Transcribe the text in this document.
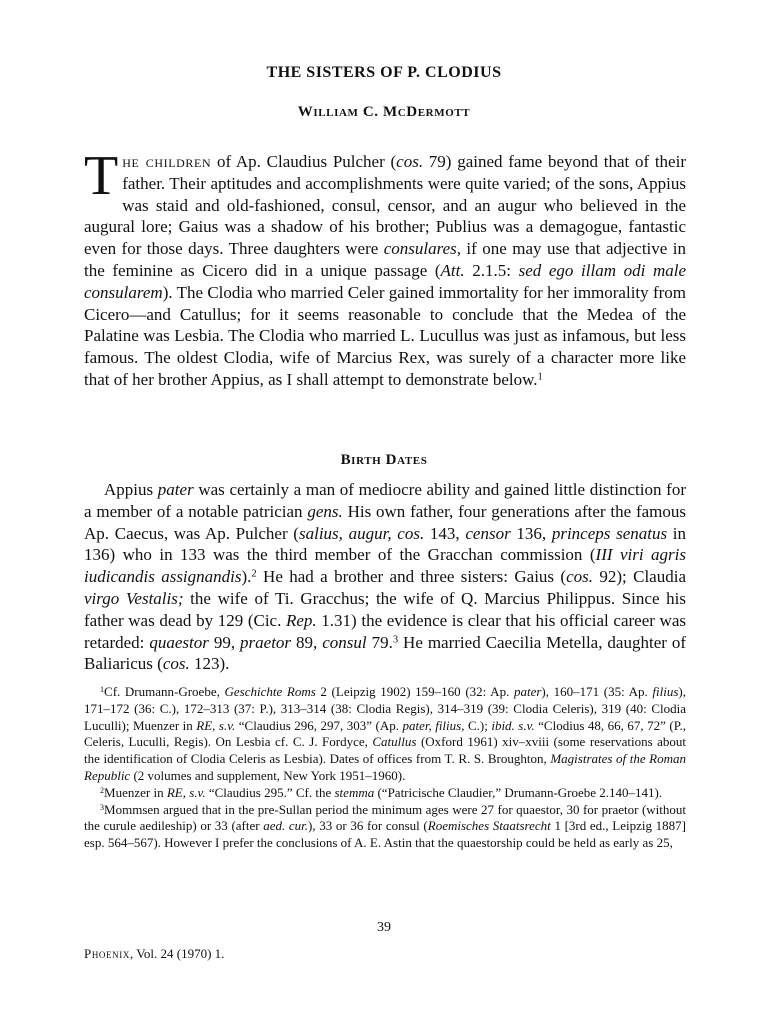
THE SISTERS OF P. CLODIUS
William C. McDermott

The children of Ap. Claudius Pulcher (cos. 79) gained fame beyond that of their father. Their aptitudes and accomplishments were quite varied; of the sons, Appius was staid and old-fashioned, consul, censor, and an augur who believed in the augural lore; Gaius was a shadow of his brother; Publius was a demagogue, fantastic even for those days. Three daughters were consulares, if one may use that adjective in the feminine as Cicero did in a unique passage (Att. 2.1.5: sed ego illam odi male consularem). The Clodia who married Celer gained immortality for her immorality from Cicero—and Catullus; for it seems reasonable to conclude that the Medea of the Palatine was Lesbia. The Clodia who married L. Lucullus was just as infamous, but less famous. The oldest Clodia, wife of Marcius Rex, was surely of a character more like that of her brother Appius, as I shall attempt to demonstrate below.$^1$

Birth Dates

Appius pater was certainly a man of mediocre ability and gained little distinction for a member of a notable patrician gens. His own father, four generations after the famous Ap. Caecus, was Ap. Pulcher (salius, augur, cos. 143, censor 136, princeps senatus in 136) who in 133 was the third member of the Gracchan commission (III viri agris iudicandis assignandis).$^2$ He had a brother and three sisters: Gaius (cos. 92); Claudia virgo Vestalis; the wife of Ti. Gracchus; the wife of Q. Marcius Philippus. Since his father was dead by 129 (Cic. Rep. 1.31) the evidence is clear that his official career was retarded: quaestor 99, praetor 89, consul 79.$^3$ He married Caecilia Metella, daughter of Baliaricus (cos. 123).

$^1$Cf. Drumann-Groebe, Geschichte Roms 2 (Leipzig 1902) 159–160 (32: Ap. pater), 160–171 (35: Ap. filius), 171–172 (36: C.), 172–313 (37: P.), 313–314 (38: Clodia Regis), 314–319 (39: Clodia Celeris), 319 (40: Clodia Luculli); Muenzer in RE, s.v. “Claudius 296, 297, 303” (Ap. pater, filius, C.); ibid. s.v. “Clodius 48, 66, 67, 72” (P., Celeris, Luculli, Regis). On Lesbia cf. C. J. Fordyce, Catullus (Oxford 1961) xiv–xviii (some reservations about the identification of Clodia Celeris as Lesbia). Dates of offices from T. R. S. Broughton, Magistrates of the Roman Republic (2 volumes and supplement, New York 1951–1960).

$^2$Muenzer in RE, s.v. “Claudius 295.” Cf. the stemma (“Patricische Claudier,” Drumann-Groebe 2.140–141).

$^3$Mommsen argued that in the pre-Sullan period the minimum ages were 27 for quaestor, 30 for praetor (without the curule aedileship) or 33 (after aed. cur.), 33 or 36 for consul (Roemisches Staatsrecht 1 [3rd ed., Leipzig 1887] esp. 564–567). However I prefer the conclusions of A. E. Astin that the quaestorship could be held as early as 25,

39

Phoenix, Vol. 24 (1970) 1.
